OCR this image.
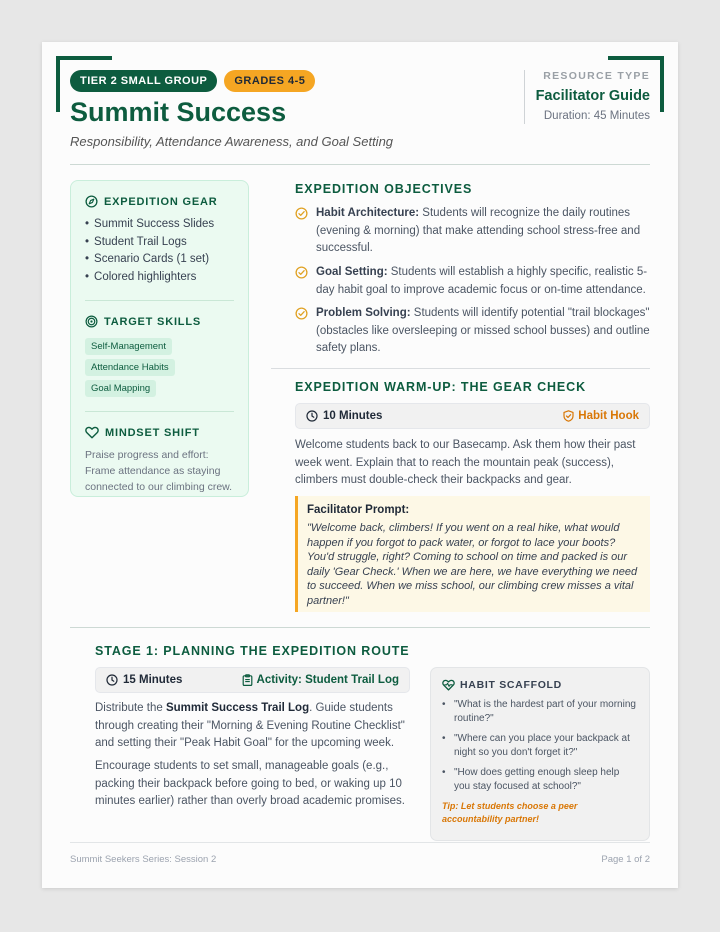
TIER 2 SMALL GROUP	GRADES 4-5
Summit Success
Responsibility, Attendance Awareness, and Goal Setting
RESOURCE TYPE
Facilitator Guide
Duration: 45 Minutes
EXPEDITION GEAR
• Summit Success Slides
• Student Trail Logs
• Scenario Cards (1 set)
• Colored highlighters
TARGET SKILLS
Self-Management
Attendance Habits
Goal Mapping
MINDSET SHIFT
Praise progress and effort: Frame attendance as staying connected to our climbing crew.
EXPEDITION OBJECTIVES

Habit Architecture: Students will recognize the daily routines (evening & morning) that make attending school stress-free and successful.

Goal Setting: Students will establish a highly specific, realistic 5-day habit goal to improve academic focus or on-time attendance.

Problem Solving: Students will identify potential "trail blockages" (obstacles like oversleeping or missed school busses) and outline safety plans.

EXPEDITION WARM-UP: THE GEAR CHECK
10 Minutes	Habit Hook

Welcome students back to our Basecamp. Ask them how their past week went. Explain that to reach the mountain peak (success), climbers must double-check their backpacks and gear.

Facilitator Prompt:
"Welcome back, climbers! If you went on a real hike, what would happen if you forgot to pack water, or forgot to lace your boots? You'd struggle, right? Coming to school on time and packed is our daily 'Gear Check.' When we are here, we have everything we need to succeed. When we miss school, our climbing crew misses a vital partner!"
STAGE 1: PLANNING THE EXPEDITION ROUTE
15 Minutes	Activity: Student Trail Log

Distribute the Summit Success Trail Log. Guide students through creating their "Morning & Evening Routine Checklist" and setting their "Peak Habit Goal" for the upcoming week.

Encourage students to set small, manageable goals (e.g., packing their backpack before going to bed, or waking up 10 minutes earlier) rather than overly broad academic promises.

HABIT SCAFFOLD
• "What is the hardest part of your morning routine?"
• "Where can you place your backpack at night so you don't forget it?"
• "How does getting enough sleep help you stay focused at school?"
Tip: Let students choose a peer accountability partner!
Summit Seekers Series: Session 2	Page 1 of 2
